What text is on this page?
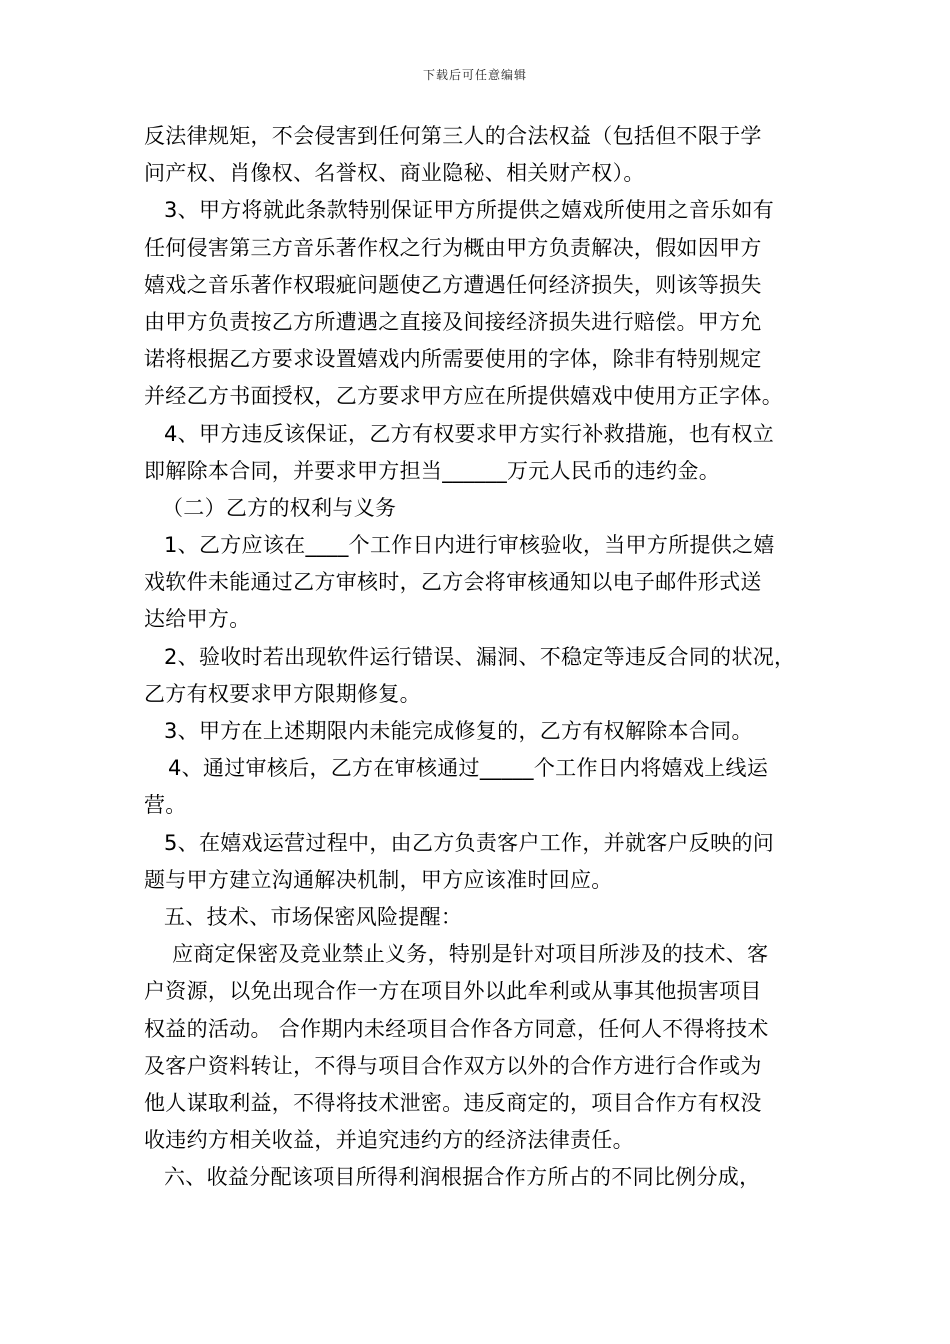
下载后可任意编辑
反法律规矩，不会侵害到任何第三人的合法权益（包括但不限于学
问产权、肖像权、名誉权、商业隐秘、相关财产权）。
3、甲方将就此条款特别保证甲方所提供之嬉戏所使用之音乐如有
任何侵害第三方音乐著作权之行为概由甲方负责解决，假如因甲方
嬉戏之音乐著作权瑕疵问题使乙方遭遇任何经济损失，则该等损失
由甲方负责按乙方所遭遇之直接及间接经济损失进行赔偿。甲方允
诺将根据乙方要求设置嬉戏内所需要使用的字体，除非有特别规定
并经乙方书面授权，乙方要求甲方应在所提供嬉戏中使用方正字体。
4、甲方违反该保证，乙方有权要求甲方实行补救措施，也有权立
即解除本合同，并要求甲方担当______万元人民币的违约金。
（二）乙方的权利与义务
1、乙方应该在____个工作日内进行审核验收，当甲方所提供之嬉
戏软件未能通过乙方审核时，乙方会将审核通知以电子邮件形式送
达给甲方。
2、验收时若出现软件运行错误、漏洞、不稳定等违反合同的状况，
乙方有权要求甲方限期修复。
3、甲方在上述期限内未能完成修复的，乙方有权解除本合同。
4、通过审核后，乙方在审核通过_____个工作日内将嬉戏上线运
营。
5、在嬉戏运营过程中，由乙方负责客户工作，并就客户反映的问
题与甲方建立沟通解决机制，甲方应该准时回应。
五、技术、市场保密风险提醒：
应商定保密及竞业禁止义务，特别是针对项目所涉及的技术、客
户资源，以免出现合作一方在项目外以此牟利或从事其他损害项目
权益的活动。 合作期内未经项目合作各方同意，任何人不得将技术
及客户资料转让，不得与项目合作双方以外的合作方进行合作或为
他人谋取利益，不得将技术泄密。违反商定的，项目合作方有权没
收违约方相关收益，并追究违约方的经济法律责任。
六、收益分配该项目所得利润根据合作方所占的不同比例分成，
